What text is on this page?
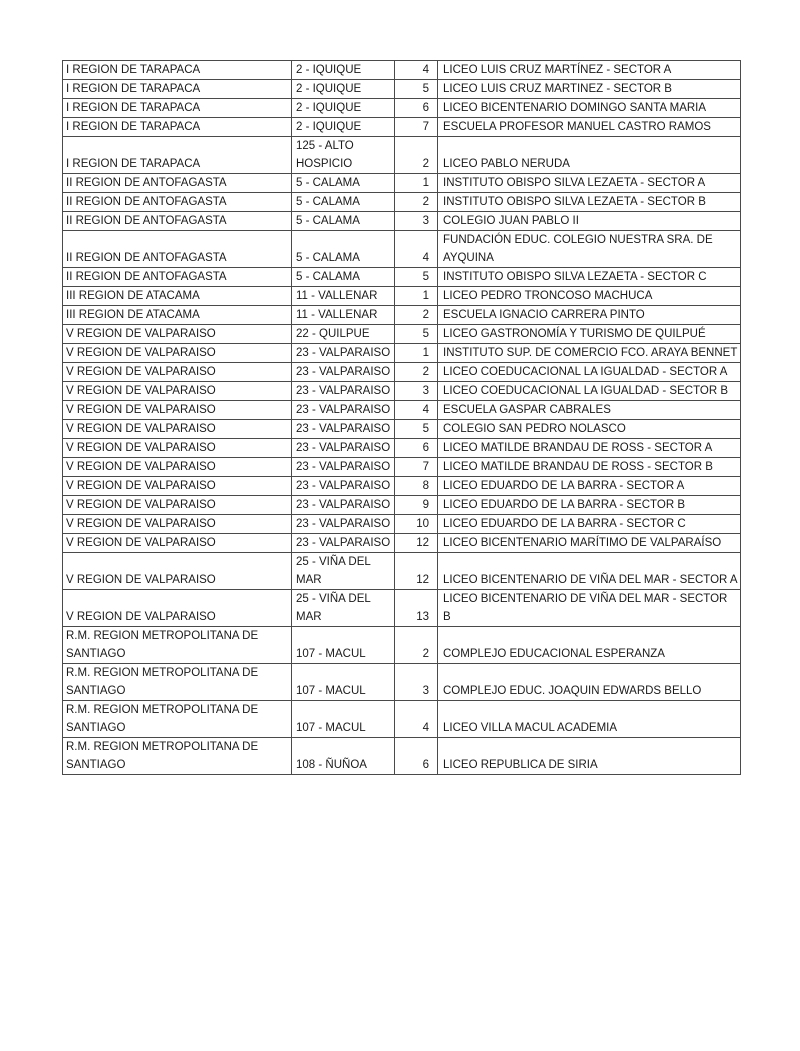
I REGION DE TARAPACA	2 - IQUIQUE	4	LICEO LUIS CRUZ MARTÍNEZ - SECTOR A
I REGION DE TARAPACA	2 - IQUIQUE	5	LICEO LUIS CRUZ MARTINEZ - SECTOR B
I REGION DE TARAPACA	2 - IQUIQUE	6	LICEO BICENTENARIO DOMINGO SANTA MARIA
I REGION DE TARAPACA	2 - IQUIQUE	7	ESCUELA PROFESOR MANUEL CASTRO RAMOS
I REGION DE TARAPACA	125 - ALTO HOSPICIO	2	LICEO PABLO NERUDA
II REGION DE ANTOFAGASTA	5 - CALAMA	1	INSTITUTO OBISPO SILVA LEZAETA - SECTOR A
II REGION DE ANTOFAGASTA	5 - CALAMA	2	INSTITUTO OBISPO SILVA LEZAETA - SECTOR B
II REGION DE ANTOFAGASTA	5 - CALAMA	3	COLEGIO JUAN PABLO II
II REGION DE ANTOFAGASTA	5 - CALAMA	4	FUNDACIÓN EDUC. COLEGIO NUESTRA SRA. DE AYQUINA
II REGION DE ANTOFAGASTA	5 - CALAMA	5	INSTITUTO OBISPO SILVA LEZAETA - SECTOR C
III REGION DE ATACAMA	11 - VALLENAR	1	LICEO PEDRO TRONCOSO MACHUCA
III REGION DE ATACAMA	11 - VALLENAR	2	ESCUELA IGNACIO CARRERA PINTO
V REGION DE VALPARAISO	22 - QUILPUE	5	LICEO GASTRONOMÍA Y TURISMO DE QUILPUÉ
V REGION DE VALPARAISO	23 - VALPARAISO	1	INSTITUTO SUP. DE COMERCIO FCO. ARAYA BENNET
V REGION DE VALPARAISO	23 - VALPARAISO	2	LICEO COEDUCACIONAL LA IGUALDAD - SECTOR A
V REGION DE VALPARAISO	23 - VALPARAISO	3	LICEO COEDUCACIONAL LA IGUALDAD - SECTOR B
V REGION DE VALPARAISO	23 - VALPARAISO	4	ESCUELA GASPAR CABRALES
V REGION DE VALPARAISO	23 - VALPARAISO	5	COLEGIO SAN PEDRO NOLASCO
V REGION DE VALPARAISO	23 - VALPARAISO	6	LICEO MATILDE BRANDAU DE ROSS - SECTOR A
V REGION DE VALPARAISO	23 - VALPARAISO	7	LICEO MATILDE BRANDAU DE ROSS - SECTOR B
V REGION DE VALPARAISO	23 - VALPARAISO	8	LICEO EDUARDO DE LA BARRA - SECTOR A
V REGION DE VALPARAISO	23 - VALPARAISO	9	LICEO EDUARDO DE LA BARRA - SECTOR B
V REGION DE VALPARAISO	23 - VALPARAISO	10	LICEO EDUARDO DE LA BARRA - SECTOR C
V REGION DE VALPARAISO	23 - VALPARAISO	12	LICEO BICENTENARIO MARÍTIMO DE VALPARAÍSO
V REGION DE VALPARAISO	25 - VIÑA DEL MAR	12	LICEO BICENTENARIO DE VIÑA DEL MAR - SECTOR A
V REGION DE VALPARAISO	25 - VIÑA DEL MAR	13	LICEO BICENTENARIO DE VIÑA DEL MAR - SECTOR B
R.M. REGION METROPOLITANA DE SANTIAGO	107 - MACUL	2	COMPLEJO EDUCACIONAL ESPERANZA
R.M. REGION METROPOLITANA DE SANTIAGO	107 - MACUL	3	COMPLEJO EDUC. JOAQUIN EDWARDS BELLO
R.M. REGION METROPOLITANA DE SANTIAGO	107 - MACUL	4	LICEO VILLA MACUL ACADEMIA
R.M. REGION METROPOLITANA DE SANTIAGO	108 - ÑUÑOA	6	LICEO REPUBLICA DE SIRIA
